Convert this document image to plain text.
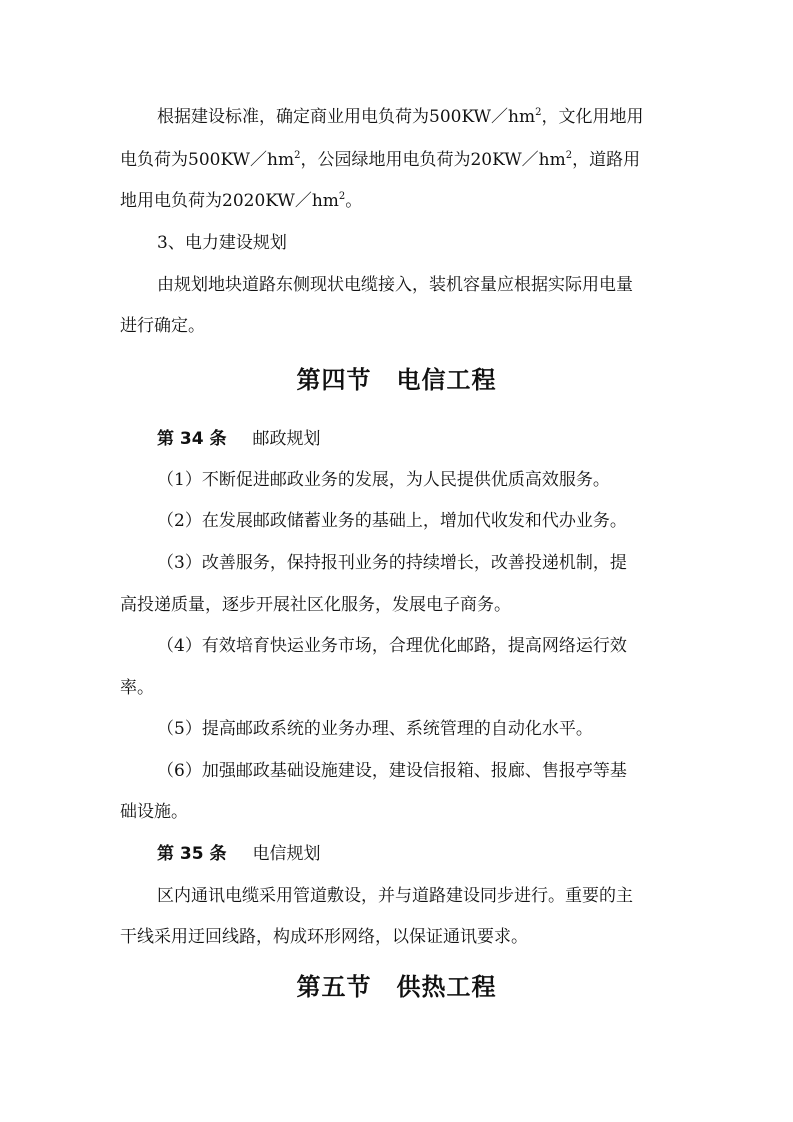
根据建设标准，确定商业用电负荷为$500KW/hm^2$，文化用地用
电负荷为$500KW/hm^2$，公园绿地用电负荷为$20KW/hm^2$，道路用
地用电负荷为$2020KW/hm^2$。
3、电力建设规划
由规划地块道路东侧现状电缆接入，装机容量应根据实际用电量
进行确定。
第四节　电信工程
第 34 条 邮政规划
（1）不断促进邮政业务的发展，为人民提供优质高效服务。
（2）在发展邮政储蓄业务的基础上，增加代收发和代办业务。
（3）改善服务，保持报刊业务的持续增长，改善投递机制，提
高投递质量，逐步开展社区化服务，发展电子商务。
（4）有效培育快运业务市场，合理优化邮路，提高网络运行效
率。
（5）提高邮政系统的业务办理、系统管理的自动化水平。
（6）加强邮政基础设施建设，建设信报箱、报廊、售报亭等基
础设施。
第 35 条 电信规划
区内通讯电缆采用管道敷设，并与道路建设同步进行。重要的主
干线采用迂回线路，构成环形网络，以保证通讯要求。
第五节　供热工程
